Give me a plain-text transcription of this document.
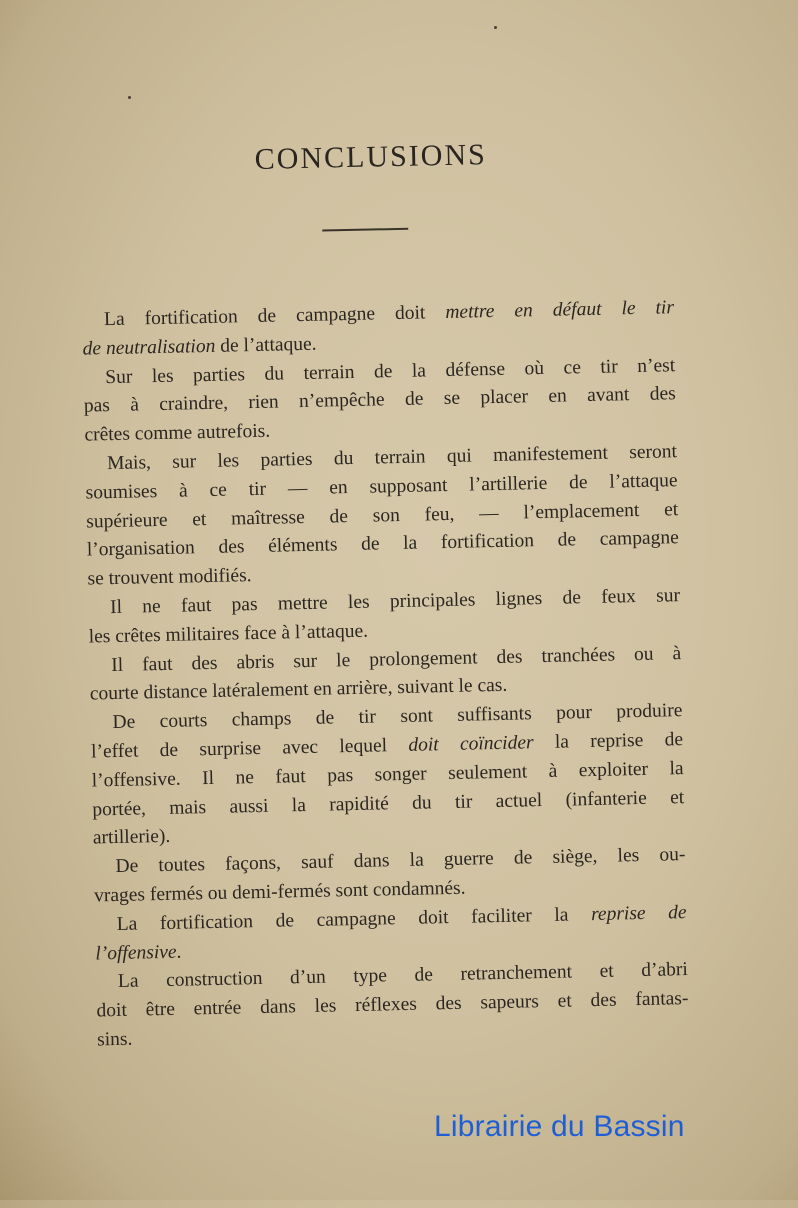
CONCLUSIONS
La fortification de campagne doit mettre en défaut le tir
de neutralisation de l’attaque.
Sur les parties du terrain de la défense où ce tir n’est
pas à craindre, rien n’empêche de se placer en avant des
crêtes comme autrefois.
Mais, sur les parties du terrain qui manifestement seront
soumises à ce tir — en supposant l’artillerie de l’attaque
supérieure et maîtresse de son feu, — l’emplacement et
l’organisation des éléments de la fortification de campagne
se trouvent modifiés.
Il ne faut pas mettre les principales lignes de feux sur
les crêtes militaires face à l’attaque.
Il faut des abris sur le prolongement des tranchées ou à
courte distance latéralement en arrière, suivant le cas.
De courts champs de tir sont suffisants pour produire
l’effet de surprise avec lequel doit coïncider la reprise de
l’offensive. Il ne faut pas songer seulement à exploiter la
portée, mais aussi la rapidité du tir actuel (infanterie et
artillerie).
De toutes façons, sauf dans la guerre de siège, les ou-
vrages fermés ou demi-fermés sont condamnés.
La fortification de campagne doit faciliter la reprise de
l’offensive.
La construction d’un type de retranchement et d’abri
doit être entrée dans les réflexes des sapeurs et des fantas-
sins.
Librairie du Bassin
